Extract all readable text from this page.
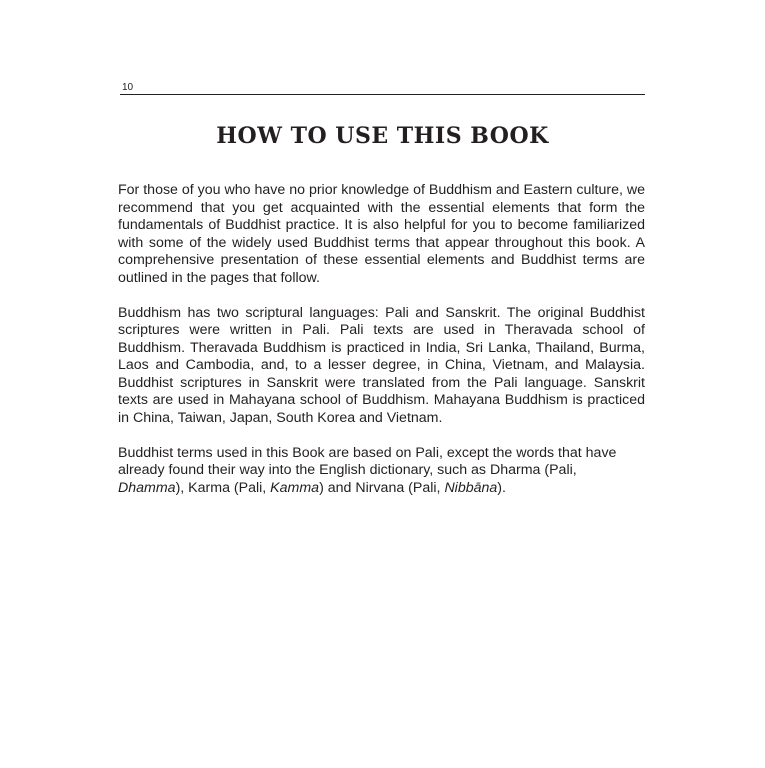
10
HOW TO USE THIS BOOK

For those of you who have no prior knowledge of Buddhism and Eastern culture, we recommend that you get acquainted with the essential elements that form the fundamentals of Buddhist practice. It is also helpful for you to become familiarized with some of the widely used Buddhist terms that appear throughout this book. A comprehensive presentation of these essential elements and Buddhist terms are outlined in the pages that follow.

Buddhism has two scriptural languages: Pali and Sanskrit. The original Buddhist scriptures were written in Pali. Pali texts are used in Theravada school of Buddhism. Theravada Buddhism is practiced in India, Sri Lanka, Thailand, Burma, Laos and Cambodia, and, to a lesser degree, in China, Vietnam, and Malaysia. Buddhist scriptures in Sanskrit were translated from the Pali language. Sanskrit texts are used in Mahayana school of Buddhism. Mahayana Buddhism is practiced in China, Taiwan, Japan, South Korea and Vietnam.

Buddhist terms used in this Book are based on Pali, except the words that have already found their way into the English dictionary, such as Dharma (Pali, Dhamma), Karma (Pali, Kamma) and Nirvana (Pali, Nibbāna).
